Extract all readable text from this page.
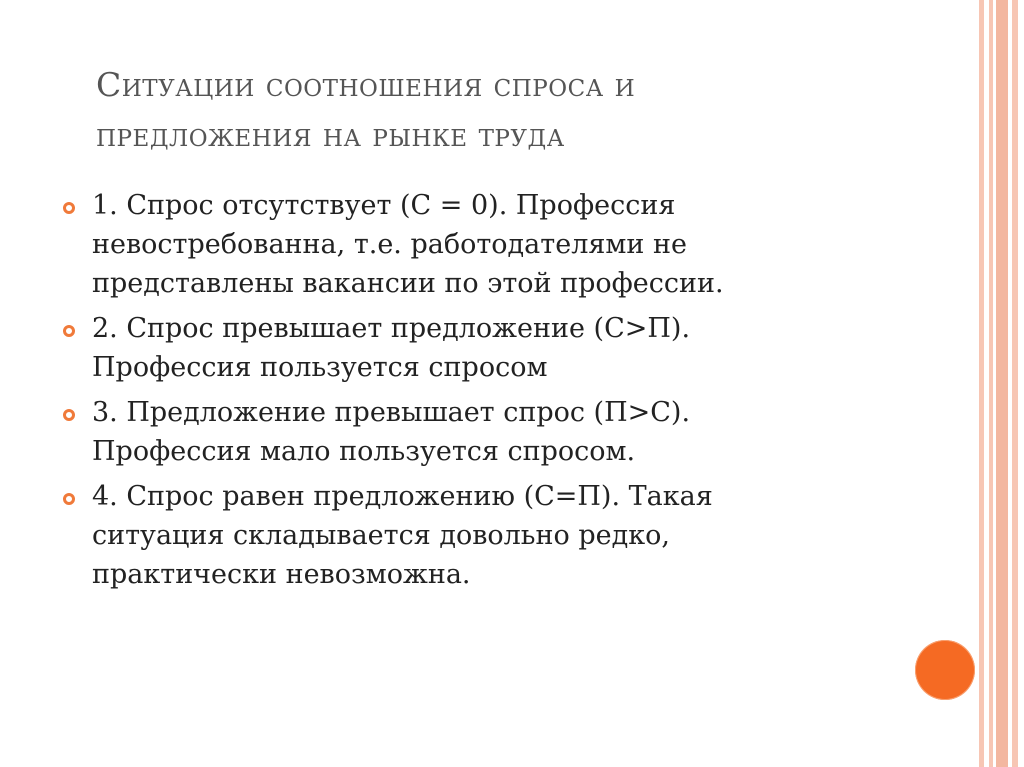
Ситуации соотношения спроса и
предложения на рынке труда
1. Спрос отсутствует (С = 0). Профессия
невостребованна, т.е. работодателями не
представлены вакансии по этой профессии.
2. Спрос превышает предложение (С>П).
Профессия пользуется спросом
3. Предложение превышает спрос (П>С).
Профессия мало пользуется спросом.
4. Спрос равен предложению (С=П). Такая
ситуация складывается довольно редко,
практически невозможна.
